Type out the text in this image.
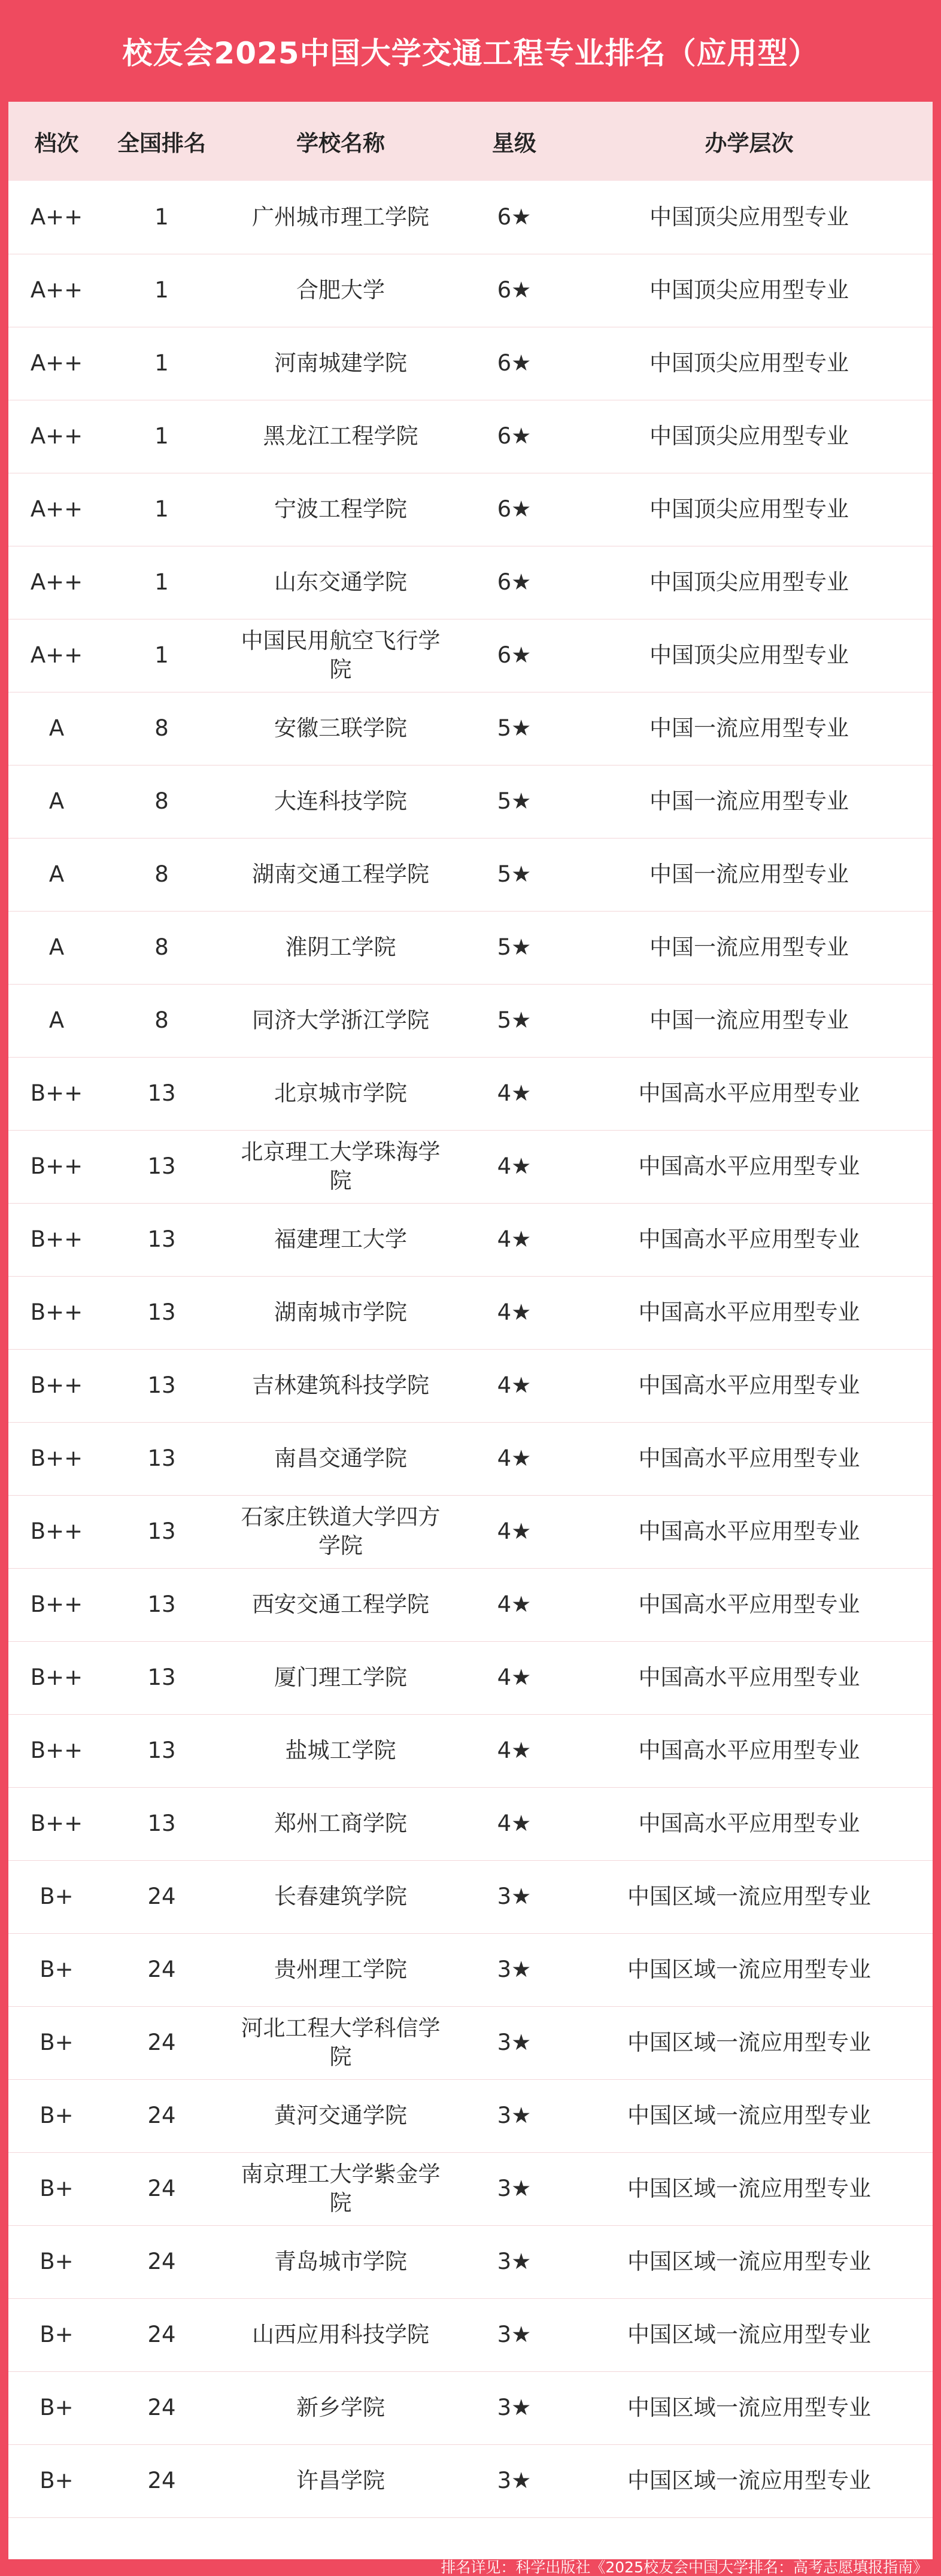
校友会2025中国大学交通工程专业排名（应用型）
档次	全国排名	学校名称	星级	办学层次
A++	1	广州城市理工学院	6★	中国顶尖应用型专业
A++	1	合肥大学	6★	中国顶尖应用型专业
A++	1	河南城建学院	6★	中国顶尖应用型专业
A++	1	黑龙江工程学院	6★	中国顶尖应用型专业
A++	1	宁波工程学院	6★	中国顶尖应用型专业
A++	1	山东交通学院	6★	中国顶尖应用型专业
A++	1	中国民用航空飞行学院	6★	中国顶尖应用型专业
A	8	安徽三联学院	5★	中国一流应用型专业
A	8	大连科技学院	5★	中国一流应用型专业
A	8	湖南交通工程学院	5★	中国一流应用型专业
A	8	淮阴工学院	5★	中国一流应用型专业
A	8	同济大学浙江学院	5★	中国一流应用型专业
B++	13	北京城市学院	4★	中国高水平应用型专业
B++	13	北京理工大学珠海学院	4★	中国高水平应用型专业
B++	13	福建理工大学	4★	中国高水平应用型专业
B++	13	湖南城市学院	4★	中国高水平应用型专业
B++	13	吉林建筑科技学院	4★	中国高水平应用型专业
B++	13	南昌交通学院	4★	中国高水平应用型专业
B++	13	石家庄铁道大学四方学院	4★	中国高水平应用型专业
B++	13	西安交通工程学院	4★	中国高水平应用型专业
B++	13	厦门理工学院	4★	中国高水平应用型专业
B++	13	盐城工学院	4★	中国高水平应用型专业
B++	13	郑州工商学院	4★	中国高水平应用型专业
B+	24	长春建筑学院	3★	中国区域一流应用型专业
B+	24	贵州理工学院	3★	中国区域一流应用型专业
B+	24	河北工程大学科信学院	3★	中国区域一流应用型专业
B+	24	黄河交通学院	3★	中国区域一流应用型专业
B+	24	南京理工大学紫金学院	3★	中国区域一流应用型专业
B+	24	青岛城市学院	3★	中国区域一流应用型专业
B+	24	山西应用科技学院	3★	中国区域一流应用型专业
B+	24	新乡学院	3★	中国区域一流应用型专业
B+	24	许昌学院	3★	中国区域一流应用型专业
排名详见：科学出版社《2025校友会中国大学排名：高考志愿填报指南》
